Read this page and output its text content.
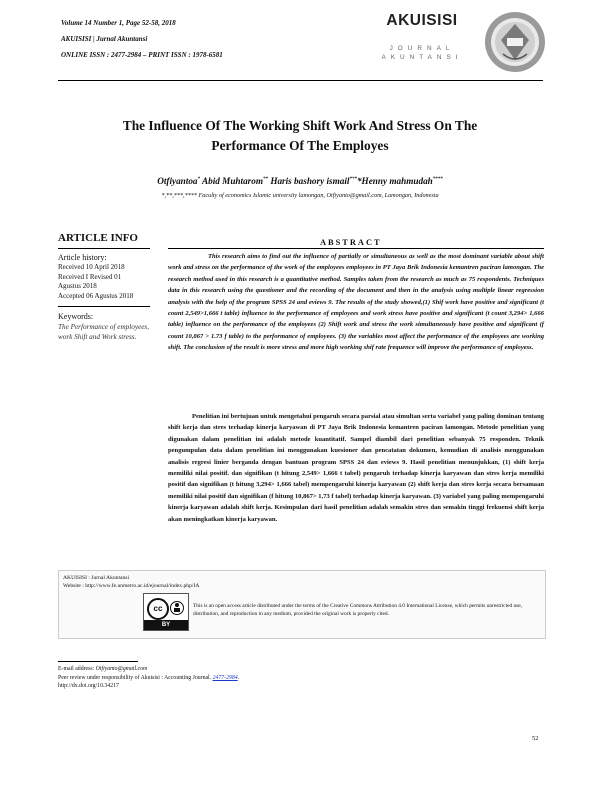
Volume 14 Number 1, Page 52-58, 2018
AKUISISI | Jurnal Akuntansi
ONLINE ISSN : 2477-2984 – PRINT ISSN : 1978-6581
AKUISISI
JOURNAL
AKUNTANSI
The Influence Of The Working Shift Work And Stress On The
Performance Of The Employes
Otfiyantoa* Abid Muhtarom** Haris bashory ismail****Henny mahmudah****
*,**,***,**** Faculty of economics Islamic university lamongan, Otfiyanto@gmail.com, Lamongan, Indonesia
ARTICLE INFO
Article history:
Received 10 April 2018
Received I Revised 01
Agustus 2018
Accepted 06 Agustus 2018
Keywords:
The Performance of employees, work Shift and Work stress.
ABSTRACT

This research aims to find out the influence of partially or simultaneous as well as the most dominant variable about shift work and stress on the performance of the work of the employees employees in PT Jaya Brik Indonesia kemantren paciran lamongan. The research method used in this research is a quantitative method. Samples taken from the research as much as 75 respondents. Techniques data in this research using the questioner and the recording of the document and then in the analysis using multiple linear regression analysis with the help of the program SPSS 24 and eviews 9. The results of the study showed,(1) Shif work have positive and significant (t count 2,549>1,666 t table) influence to the performance of employees and work stress have positive and significant (t count 3,294> 1,666 table) influence on the performance of the employees (2) Shift work and stress the work simultaneously have positive and significant (f count 10,867 > 1.73 f table) to the performance of employees. (3) the variables most affect the performance of the employees are working shift. The conclusion of the result is more stress and more high working shif rate frequence will improve the performance of employess.

Penelitian ini bertujuan untuk mengetahui pengaruh secara parsial atau simultan serta variabel yang paling dominan tentang shift kerja dan stres terhadap kinerja karyawan di PT Jaya Brik Indonesia kemantren paciran lamongan. Metode penelitian yang digunakan dalam penelitian ini adalah metode kuantitatif. Sampel diambil dari penelitian sebanyak 75 responden. Teknik pengumpulan data dalam penelitian ini menggunakan kuesioner dan pencatatan dokumen, kemudian di analisis menggunakan analisis regresi linier berganda dengan bantuan program SPSS 24 dan eviews 9. Hasil penelitian menunjukkan, (1) shift kerja memiliki nilai positif. dan signifikan (t hitung 2,549> 1,666 t tabel) pengaruh terhadap kinerja karyawan dan stres kerja memiliki positif dan signifikan (t hitung 3,294> 1,666 tabel) mempengaruhi kinerja karyawan (2) shift kerja dan stres kerja secara bersamaan memiliki nilai positif dan signifikan (f hitung 10,867> 1,73 f tabel) terhadap kinerja karyawan. (3) variabel yang paling mempengaruhi kinerja karyawan adalah shift kerja. Kesimpulan dari hasil penelitian adalah semakin stres dan semakin tinggi frekuensi shift kerja akan meningkatkan kinerja karyawan.

AKUISISI : Jurnal Akuntansi
Website : http://www.fe.unmetro.ac.id/ejournal/index.php/IA
cc
BY
This is an open access article distributed under the terms of the Creative Commons Attribution 4.0 International License, which permits unrestricted use, distribution, and reproduction in any medium, provided the original work is properly cited.
E-mail address: Otfiyanto@gmail.com
Peer review under responsibility of Akuisisi : Accounting Journal. 2477-2984.
http://dx.doi.org/10.34217
52
